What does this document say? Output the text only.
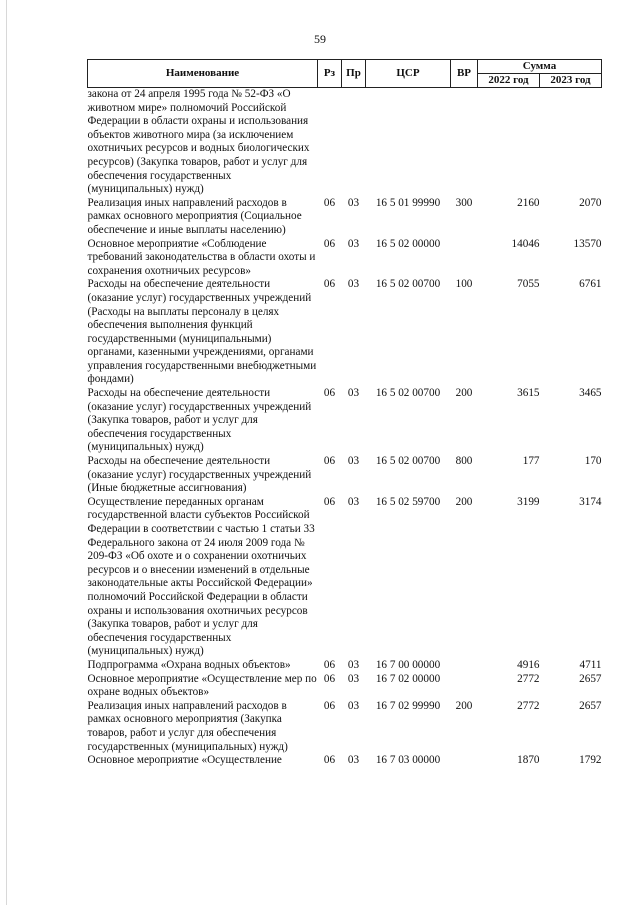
59
Наименование	Рз	Пр	ЦСР	ВР	Сумма	
					2022 год	2023 год
закона от 24 апреля 1995 года № 52-ФЗ «О животном мире» полномочий Российской Федерации в области охраны и использования объектов животного мира (за исключением охотничьих ресурсов и водных биологических ресурсов) (Закупка товаров, работ и услуг для обеспечения государственных (муниципальных) нужд)						
Реализация иных направлений расходов в рамках основного мероприятия (Социальное обеспечение и иные выплаты населению)	06	03	16 5 01 99990	300	2160	2070
Основное мероприятие «Соблюдение требований законодательства в области охоты и сохранения охотничьих ресурсов»	06	03	16 5 02 00000		14046	13570
Расходы на обеспечение деятельности (оказание услуг) государственных учреждений (Расходы на выплаты персоналу в целях обеспечения выполнения функций государственными (муниципальными) органами, казенными учреждениями, органами управления государственными внебюджетными фондами)	06	03	16 5 02 00700	100	7055	6761
Расходы на обеспечение деятельности (оказание услуг) государственных учреждений (Закупка товаров, работ и услуг для обеспечения государственных (муниципальных) нужд)	06	03	16 5 02 00700	200	3615	3465
Расходы на обеспечение деятельности (оказание услуг) государственных учреждений (Иные бюджетные ассигнования)	06	03	16 5 02 00700	800	177	170
Осуществление переданных органам государственной власти субъектов Российской Федерации в соответствии с частью 1 статьи 33 Федерального закона от 24 июля 2009 года № 209-ФЗ «Об охоте и о сохранении охотничьих ресурсов и о внесении изменений в отдельные законодательные акты Российской Федерации» полномочий Российской Федерации в области охраны и использования охотничьих ресурсов (Закупка товаров, работ и услуг для обеспечения государственных (муниципальных) нужд)	06	03	16 5 02 59700	200	3199	3174
Подпрограмма «Охрана водных объектов»	06	03	16 7 00 00000		4916	4711
Основное мероприятие «Осуществление мер по охране водных объектов»	06	03	16 7 02 00000		2772	2657
Реализация иных направлений расходов в рамках основного мероприятия (Закупка товаров, работ и услуг для обеспечения государственных (муниципальных) нужд)	06	03	16 7 02 99990	200	2772	2657
Основное мероприятие «Осуществление	06	03	16 7 03 00000		1870	1792
